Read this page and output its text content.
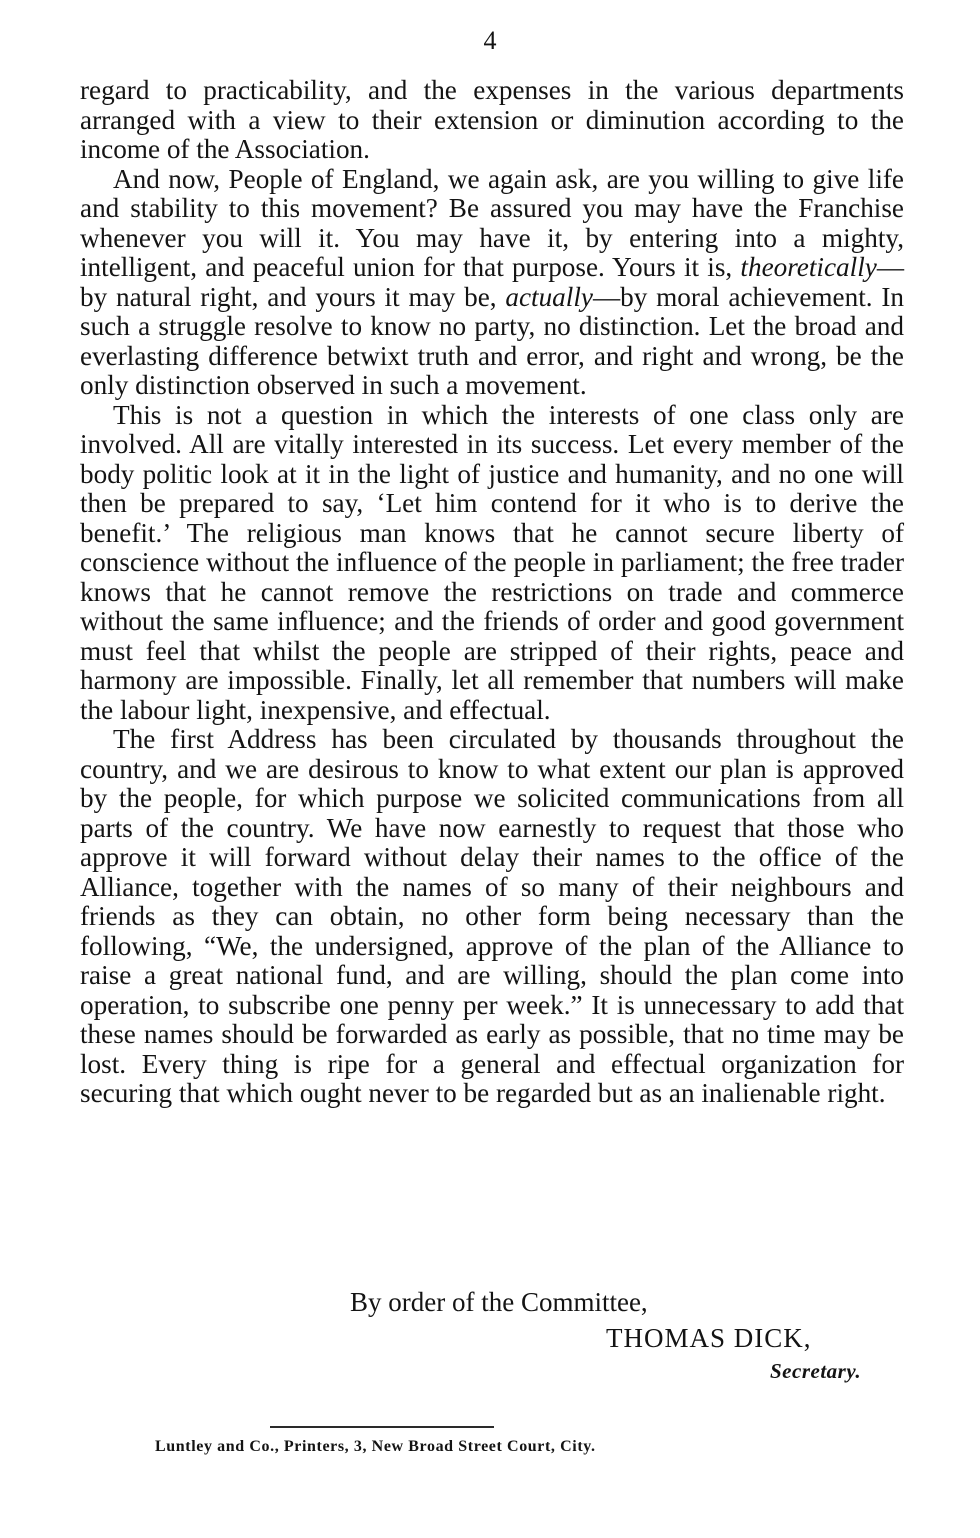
4

regard to practicability, and the expenses in the various departments arranged with a view to their extension or diminution according to the income of the Association.

And now, People of England, we again ask, are you willing to give life and stability to this movement? Be assured you may have the Franchise whenever you will it. You may have it, by entering into a mighty, intelligent, and peaceful union for that purpose. Yours it is, theoretically—by natural right, and yours it may be, actually—by moral achievement. In such a struggle resolve to know no party, no distinction. Let the broad and everlasting difference betwixt truth and error, and right and wrong, be the only distinction observed in such a movement.

This is not a question in which the interests of one class only are involved. All are vitally interested in its success. Let every member of the body politic look at it in the light of justice and humanity, and no one will then be prepared to say, ‘Let him contend for it who is to derive the benefit.’ The religious man knows that he cannot secure liberty of conscience without the influence of the people in parliament; the free trader knows that he cannot remove the restrictions on trade and commerce without the same influence; and the friends of order and good government must feel that whilst the people are stripped of their rights, peace and harmony are impossible. Finally, let all remember that numbers will make the labour light, inexpensive, and effectual.

The first Address has been circulated by thousands throughout the country, and we are desirous to know to what extent our plan is approved by the people, for which purpose we solicited communications from all parts of the country. We have now earnestly to request that those who approve it will forward without delay their names to the office of the Alliance, together with the names of so many of their neighbours and friends as they can obtain, no other form being necessary than the following, “We, the undersigned, approve of the plan of the Alliance to raise a great national fund, and are willing, should the plan come into operation, to subscribe one penny per week.” It is unnecessary to add that these names should be forwarded as early as possible, that no time may be lost. Every thing is ripe for a general and effectual organization for securing that which ought never to be regarded but as an inalienable right.

By order of the Committee,
THOMAS DICK,
Secretary.
Luntley and Co., Printers, 3, New Broad Street Court, City.
